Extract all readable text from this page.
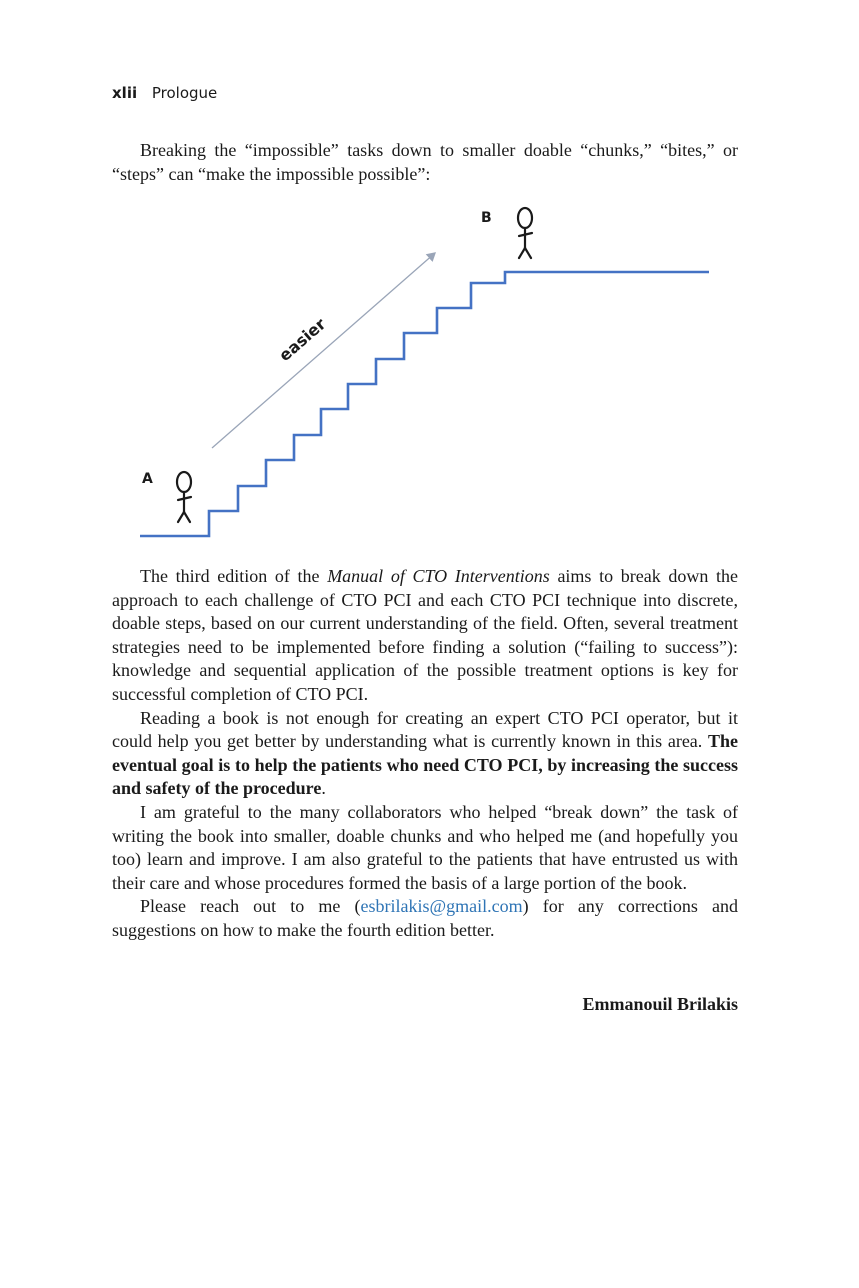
xlii Prologue

Breaking the “impossible” tasks down to smaller doable “chunks,” “bites,” or “steps” can “make the impossible possible”:

easier
A
B

The third edition of the Manual of CTO Interventions aims to break down the approach to each challenge of CTO PCI and each CTO PCI technique into discrete, doable steps, based on our current understanding of the field. Often, several treatment strategies need to be implemented before finding a solution (“failing to success”): knowledge and sequential application of the possible treatment options is key for successful completion of CTO PCI.

Reading a book is not enough for creating an expert CTO PCI operator, but it could help you get better by understanding what is currently known in this area. The eventual goal is to help the patients who need CTO PCI, by increasing the success and safety of the procedure.

I am grateful to the many collaborators who helped “break down” the task of writing the book into smaller, doable chunks and who helped me (and hopefully you too) learn and improve. I am also grateful to the patients that have entrusted us with their care and whose procedures formed the basis of a large portion of the book.

Please reach out to me (esbrilakis@gmail.com) for any corrections and suggestions on how to make the fourth edition better.

Emmanouil Brilakis
